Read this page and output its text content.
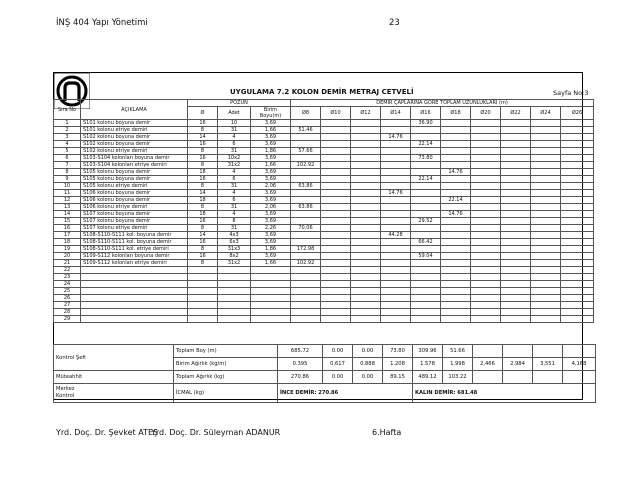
İNŞ 404 Yapı Yönetimi	23
UYGULAMA 7.2 KOLON DEMİR METRAJ CETVELİ	Sayfa No:3
Sıra No	AÇIKLAMA	POZUN			DEMİR ÇAPLARINA GÖRE TOPLAM UZUNLUKLARI (m)									
		Ø	Adet	Birim
Boyu(m)	Ø8	Ø10	Ø12	Ø14	Ø16	Ø18	Ø20	Ø22	Ø24	Ø26
1	S101 kolonu boyuna demir	16	10	3,69					36.90					
2	S101 kolonu etriye demiri	8	31	1,66	51.46									
3	S102 kolonu boyuna demir	14	4	3,69				14.76						
4	S102 kolonu boyuna demir	16	6	3,69					22.14					
5	S102 kolonu etriye demiri	8	31	1,86	57.66									
6	S103-S104 kolonları boyuna demir	16	10x2	3,69					73.80					
7	S103-S104 kolonları etriye demiri	8	31x2	1,66	102.92									
8	S105 kolonu boyuna demir	18	4	3,69						14.76				
9	S105 kolonu boyuna demir	16	6	3,69					22.14					
10	S105 kolonu etriye demiri	8	31	2,06	63.86									
11	S106 kolonu boyuna demir	14	4	3,69				14.76						
12	S106 kolonu boyuna demir	18	6	3,69						22.14				
13	S106 kolonu etriye demiri	8	31	2,06	63.86									
14	S107 kolonu boyuna demir	18	4	3,69						14.76				
15	S107 kolonu boyuna demir	16	8	3,69					29.52					
16	S107 kolonu etriye demiri	8	31	2,26	70.06									
17	S108-S110-S111 kol. boyuna demir	14	4x3	3,69				44.28						
18	S108-S110-S111 kol. boyuna demir	16	6x3	3,69					66.42					
19	S108-S110-S111 kol. etriye demiri	8	31x3	1,86	172.98									
20	S109-S112 kolonları boyuna demir	16	8x2	3,69					59.04					
21	S109-S112 kolonları etriye demiri	8	31x2	1,66	102.92									
22														
23														
24														
25														
26														
27														
28														
29														
Kontrol Şefi	Toplam Boy (m)	685.72	0.00	0.00	73.80	309.96	51.66				
	Birim Ağırlık (kg/m)	0.395	0.617	0.888	1.208	1.578	1.998	2,466	2,984	3,551	4,168
Müteahhit	Toplam Ağırlık (kg)	270.86	0.00	0.00	89.15	489.12	103.22				
Merkez
Kontrol	İCMAL (kg)	İNCE DEMİR: 270.86				KALIN DEMİR: 681.48					
Yrd. Doç. Dr. Şevket ATEŞ
Yrd. Doç. Dr. Süleyman ADANUR	6.Hafta
